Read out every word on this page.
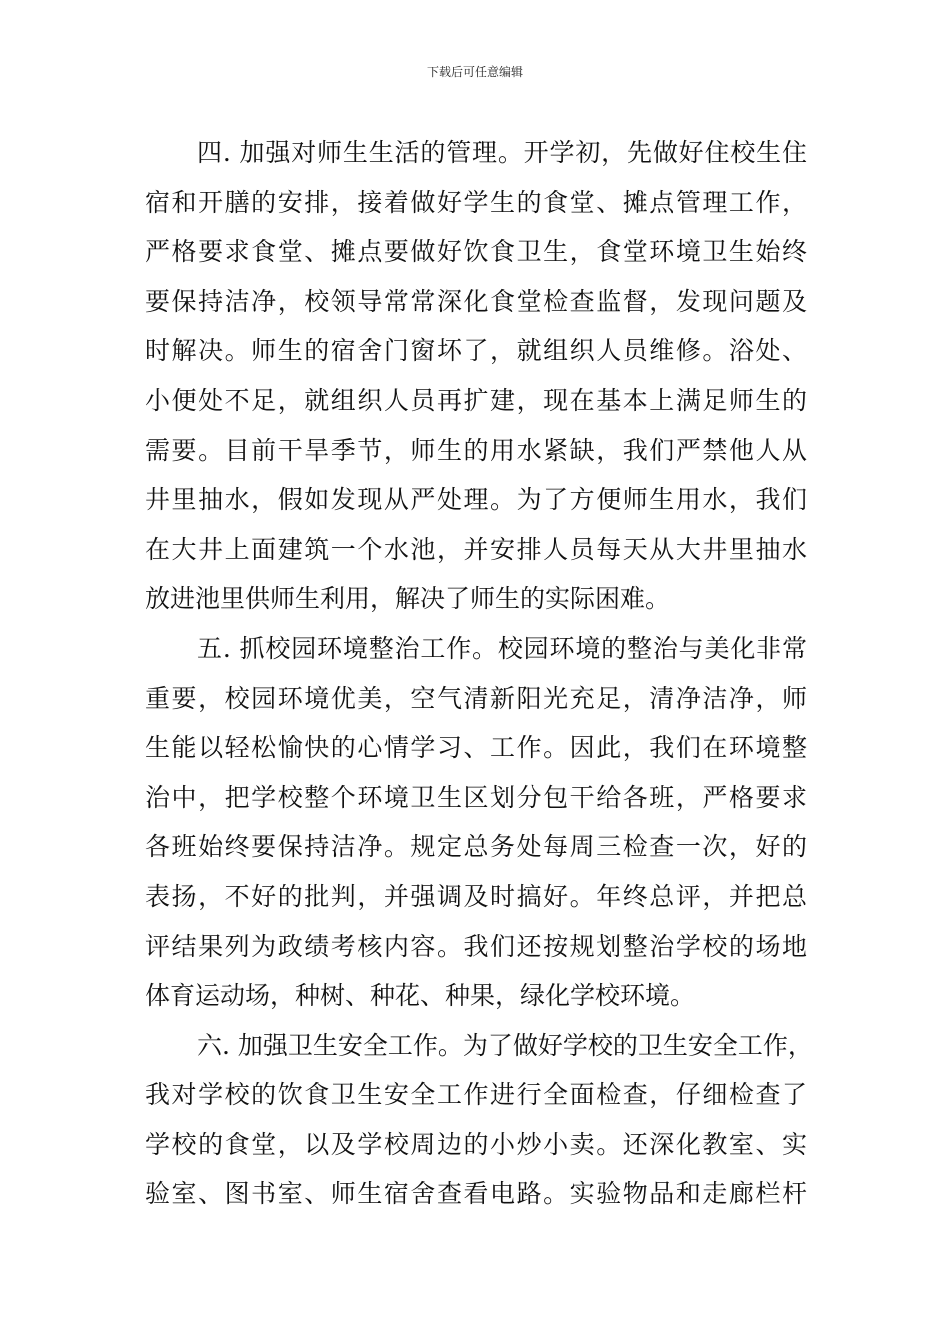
下载后可任意编辑
四. 加强对师生生活的管理。开学初，先做好住校生住
宿和开膳的安排，接着做好学生的食堂、摊点管理工作，
严格要求食堂、摊点要做好饮食卫生，食堂环境卫生始终
要保持洁净，校领导常常深化食堂检查监督，发现问题及
时解决。师生的宿舍门窗坏了，就组织人员维修。浴处、
小便处不足，就组织人员再扩建，现在基本上满足师生的
需要。目前干旱季节，师生的用水紧缺，我们严禁他人从
井里抽水，假如发现从严处理。为了方便师生用水，我们
在大井上面建筑一个水池，并安排人员每天从大井里抽水
放进池里供师生利用，解决了师生的实际困难。
五. 抓校园环境整治工作。校园环境的整治与美化非常
重要，校园环境优美，空气清新阳光充足，清净洁净，师
生能以轻松愉快的心情学习、工作。因此，我们在环境整
治中，把学校整个环境卫生区划分包干给各班，严格要求
各班始终要保持洁净。规定总务处每周三检查一次，好的
表扬，不好的批判，并强调及时搞好。年终总评，并把总
评结果列为政绩考核内容。我们还按规划整治学校的场地
体育运动场，种树、种花、种果，绿化学校环境。
六. 加强卫生安全工作。为了做好学校的卫生安全工作，
我对学校的饮食卫生安全工作进行全面检查，仔细检查了
学校的食堂，以及学校周边的小炒小卖。还深化教室、实
验室、图书室、师生宿舍查看电路。实验物品和走廊栏杆
